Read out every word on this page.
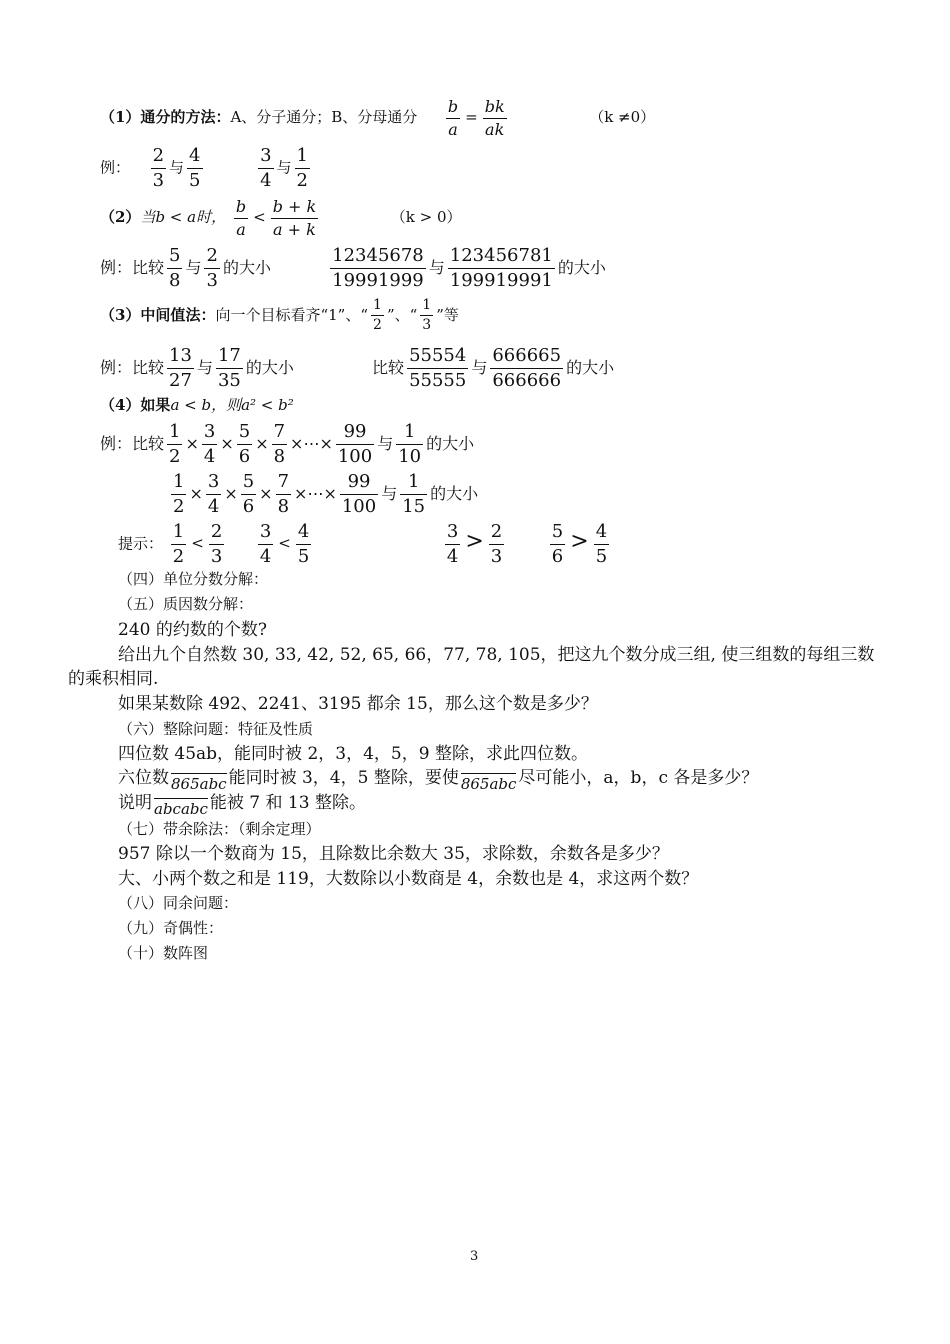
（1）通分的方法：A、分子通分；B、分母通分 $\frac{b}{a} = \frac{bk}{ak}$	（k ≠0）
例： $\frac{2}{3}$ 与 $\frac{4}{5}$
	$\frac{3}{4}$ 与 $\frac{1}{2}$
（2）当b < a时， $\frac{b}{a} < \frac{b + k}{a + k}$	（k > 0）
例：比较 $\frac{5}{8}$ 与 $\frac{2}{3}$ 的大小	$\frac{12345678}{19991999}$ 与 $\frac{123456781}{199919991}$ 的大小
（3）中间值法：向一个目标看齐“1”、“ $\frac{1}{2}$ ”、“ $\frac{1}{3}$ ”等
例：比较 $\frac{13}{27}$ 与 $\frac{17}{35}$ 的大小	比较 $\frac{55554}{55555}$ 与 $\frac{666665}{666666}$ 的大小
（4）如果a < b，则a² < b²
例：比较 $\frac{1}{2} \times \frac{3}{4} \times \frac{5}{6} \times \frac{7}{8}$ ×⋯× $\frac{99}{100}$ 与 $\frac{1}{10}$ 的大小
$\frac{1}{2} \times \frac{3}{4} \times \frac{5}{6} \times \frac{7}{8}$ ×⋯× $\frac{99}{100}$ 与 $\frac{1}{15}$ 的大小
提示： $\frac{1}{2} < \frac{2}{3}$
$\frac{3}{4} < \frac{4}{5}$
	$\frac{3}{4} > \frac{2}{3}$
	$\frac{5}{6} > \frac{4}{5}$
（四）单位分数分解：
（五）质因数分解：
240 的约数的个数?
给出九个自然数 30, 33, 42, 52, 65, 66，77, 78, 105，把这九个数分成三组, 使三组数的每组三数
的乘积相同.
如果某数除 492、2241、3195 都余 15，那么这个数是多少？
（六）整除问题：特征及性质
四位数 45ab，能同时被 2，3，4，5，9 整除，求此四位数。
六位数 865abc 能同时被 3，4，5 整除，要使 865abc 尽可能小，a，b，c 各是多少？
说明 abcabc 能被 7 和 13 整除。
（七）带余除法：（剩余定理）
957 除以一个数商为 15，且除数比余数大 35，求除数，余数各是多少？
大、小两个数之和是 119，大数除以小数商是 4，余数也是 4，求这两个数？
（八）同余问题：
（九）奇偶性：
（十）数阵图
3
